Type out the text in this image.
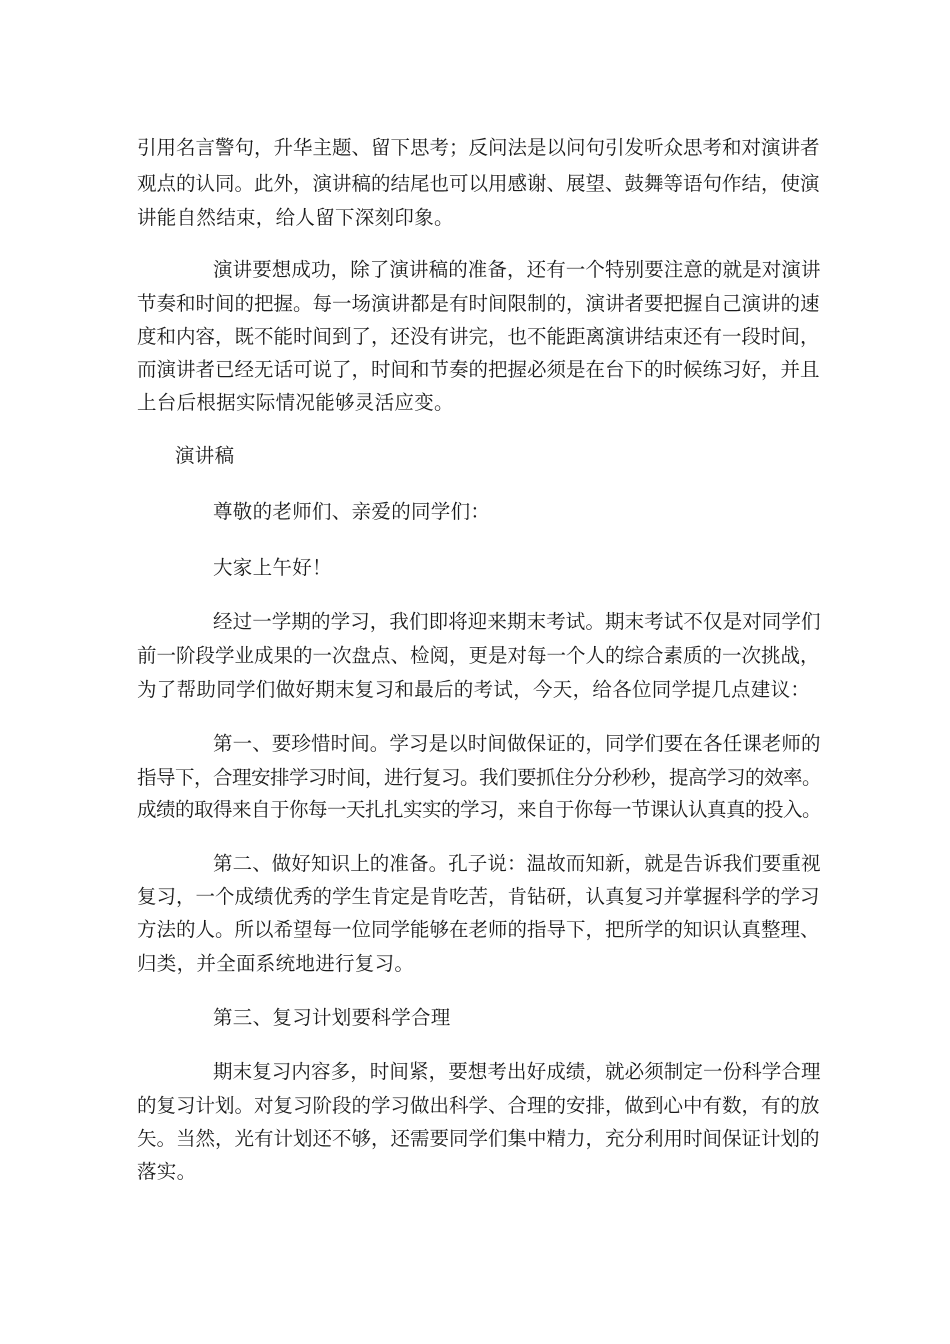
引用名言警句，升华主题、留下思考；反问法是以问句引发听众思考和对演讲者
观点的认同。此外，演讲稿的结尾也可以用感谢、展望、鼓舞等语句作结，使演
讲能自然结束，给人留下深刻印象。
演讲要想成功，除了演讲稿的准备，还有一个特别要注意的就是对演讲
节奏和时间的把握。每一场演讲都是有时间限制的，演讲者要把握自己演讲的速
度和内容，既不能时间到了，还没有讲完，也不能距离演讲结束还有一段时间，
而演讲者已经无话可说了，时间和节奏的把握必须是在台下的时候练习好，并且
上台后根据实际情况能够灵活应变。
演讲稿
尊敬的老师们、亲爱的同学们：
大家上午好！
经过一学期的学习，我们即将迎来期末考试。期末考试不仅是对同学们
前一阶段学业成果的一次盘点、检阅，更是对每一个人的综合素质的一次挑战，
为了帮助同学们做好期末复习和最后的考试，今天，给各位同学提几点建议：
第一、要珍惜时间。学习是以时间做保证的，同学们要在各任课老师的
指导下，合理安排学习时间，进行复习。我们要抓住分分秒秒，提高学习的效率。
成绩的取得来自于你每一天扎扎实实的学习，来自于你每一节课认认真真的投入。
第二、做好知识上的准备。孔子说：温故而知新，就是告诉我们要重视
复习，一个成绩优秀的学生肯定是肯吃苦，肯钻研，认真复习并掌握科学的学习
方法的人。所以希望每一位同学能够在老师的指导下，把所学的知识认真整理、
归类，并全面系统地进行复习。
第三、复习计划要科学合理
期末复习内容多，时间紧，要想考出好成绩，就必须制定一份科学合理
的复习计划。对复习阶段的学习做出科学、合理的安排，做到心中有数，有的放
矢。当然，光有计划还不够，还需要同学们集中精力，充分利用时间保证计划的
落实。
